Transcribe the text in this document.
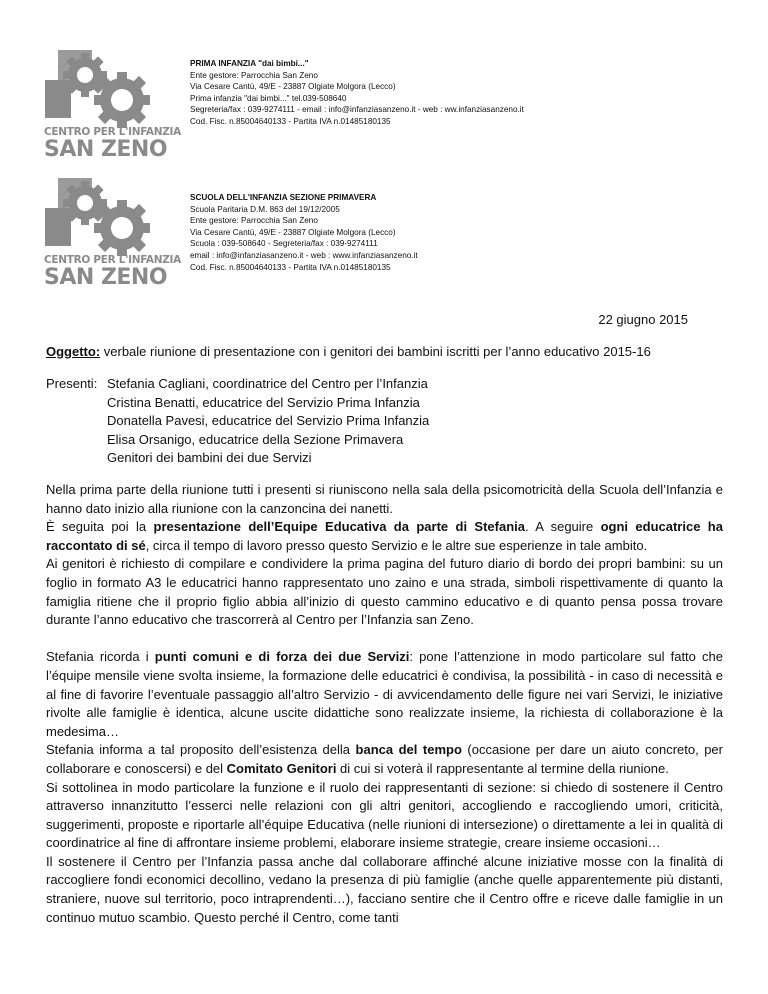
CENTRO PER L'INFANZIA
SAN ZENO
PRIMA INFANZIA "dai bimbi..."
Ente gestore: Parrocchia San Zeno
Via Cesare Cantù, 49/E - 23887 Olgiate Molgora (Lecco)
Prima infanzia "dai bimbi..." tel.039-508640
Segreteria/fax : 039-9274111 - email : info@infanziasanzeno.it - web : ww.infanziasanzeno.it
Cod. Fisc. n.85004640133 - Partita IVA n.01485180135
CENTRO PER L'INFANZIA
SAN ZENO
SCUOLA DELL'INFANZIA SEZIONE PRIMAVERA
Scuola Paritaria D.M. 863 del 19/12/2005
Ente gestore: Parrocchia San Zeno
Via Cesare Cantù, 49/E - 23887 Olgiate Molgora (Lecco)
Scuola : 039-508640 - Segreteria/fax : 039-9274111
email : info@infanziasanzeno.it - web : www.infanziasanzeno.it
Cod. Fisc. n.85004640133 - Partita IVA n.01485180135
22 giugno 2015
Oggetto: verbale riunione di presentazione con i genitori dei bambini iscritti per l’anno educativo 2015-16
Presenti: Stefania Cagliani, coordinatrice del Centro per l’Infanzia
Cristina Benatti, educatrice del Servizio Prima Infanzia
Donatella Pavesi, educatrice del Servizio Prima Infanzia
Elisa Orsanigo, educatrice della Sezione Primavera
Genitori dei bambini dei due Servizi

Nella prima parte della riunione tutti i presenti si riuniscono nella sala della psicomotricità della Scuola dell’Infanzia e hanno dato inizio alla riunione con la canzoncina dei nanetti.
È seguita poi la presentazione dell’Equipe Educativa da parte di Stefania. A seguire ogni educatrice ha raccontato di sé, circa il tempo di lavoro presso questo Servizio e le altre sue esperienze in tale ambito.
Ai genitori è richiesto di compilare e condividere la prima pagina del futuro diario di bordo dei propri bambini: su un foglio in formato A3 le educatrici hanno rappresentato uno zaino e una strada, simboli rispettivamente di quanto la famiglia ritiene che il proprio figlio abbia all’inizio di questo cammino educativo e di quanto pensa possa trovare durante l’anno educativo che trascorrerà al Centro per l’Infanzia san Zeno.

Stefania ricorda i punti comuni e di forza dei due Servizi: pone l’attenzione in modo particolare sul fatto che l’équipe mensile viene svolta insieme, la formazione delle educatrici è condivisa, la possibilità - in caso di necessità e al fine di favorire l’eventuale passaggio all’altro Servizio - di avvicendamento delle figure nei vari Servizi, le iniziative rivolte alle famiglie è identica, alcune uscite didattiche sono realizzate insieme, la richiesta di collaborazione è la medesima…
Stefania informa a tal proposito dell’esistenza della banca del tempo (occasione per dare un aiuto concreto, per collaborare e conoscersi) e del Comitato Genitori di cui si voterà il rappresentante al termine della riunione.
Si sottolinea in modo particolare la funzione e il ruolo dei rappresentanti di sezione: si chiedo di sostenere il Centro attraverso innanzitutto l’esserci nelle relazioni con gli altri genitori, accogliendo e raccogliendo umori, criticità, suggerimenti, proposte e riportarle all’équipe Educativa (nelle riunioni di intersezione) o direttamente a lei in qualità di coordinatrice al fine di affrontare insieme problemi, elaborare insieme strategie, creare insieme occasioni…
Il sostenere il Centro per l’Infanzia passa anche dal collaborare affinché alcune iniziative mosse con la finalità di raccogliere fondi economici decollino, vedano la presenza di più famiglie (anche quelle apparentemente più distanti, straniere, nuove sul territorio, poco intraprendenti…), facciano sentire che il Centro offre e riceve dalle famiglie in un continuo mutuo scambio. Questo perché il Centro, come tanti
